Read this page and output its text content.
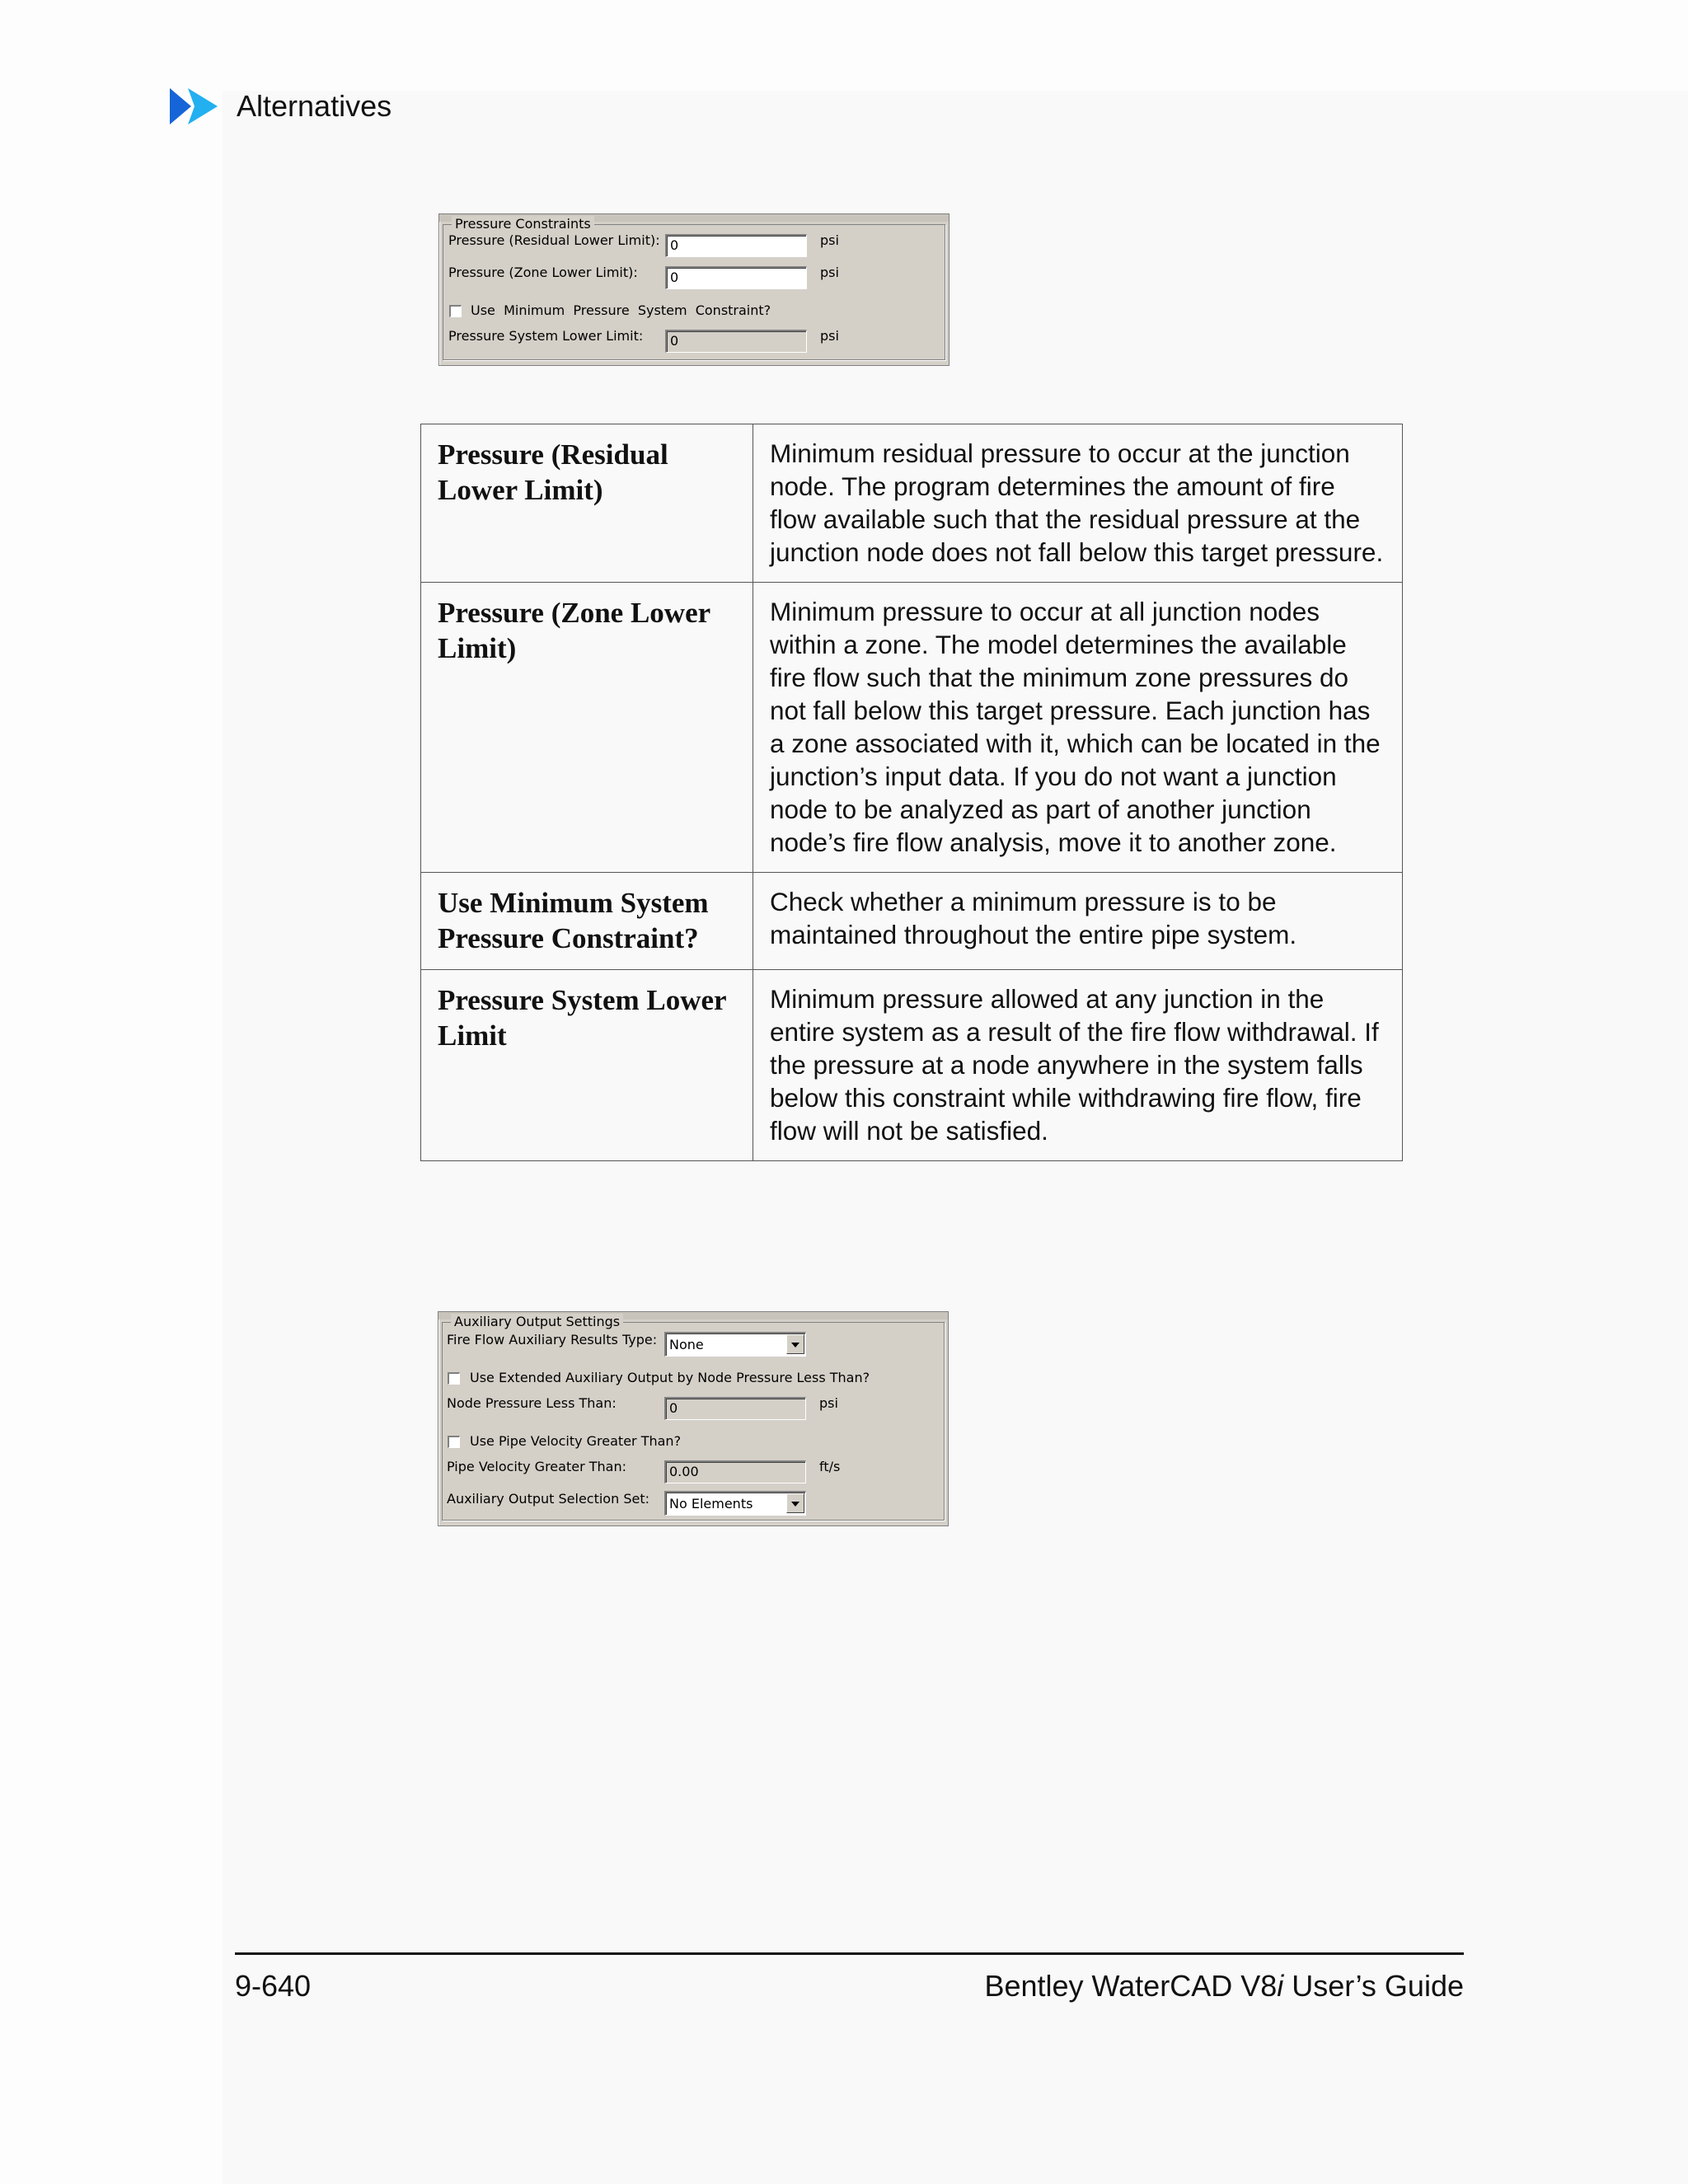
Alternatives
Pressure Constraints
Pressure (Residual Lower Limit): 0	psi
Pressure (Zone Lower Limit):	0	psi
Use  Minimum  Pressure  System  Constraint?
Pressure System Lower Limit:	0	psi
Pressure (Residual Lower Limit)	Minimum residual pressure to occur at the junction node. The program determines the amount of fire flow available such that the residual pressure at the junction node does not fall below this target pressure.
Pressure (Zone Lower Limit)	Minimum pressure to occur at all junction nodes within a zone. The model determines the available fire flow such that the minimum zone pressures do not fall below this target pressure. Each junction has a zone associated with it, which can be located in the junction’s input data. If you do not want a junction node to be analyzed as part of another junction node’s fire flow analysis, move it to another zone.
Use Minimum System Pressure Constraint?	Check whether a minimum pressure is to be maintained throughout the entire pipe system.
Pressure System Lower Limit	Minimum pressure allowed at any junction in the entire system as a result of the fire flow withdrawal. If the pressure at a node anywhere in the system falls below this constraint while withdrawing fire flow, fire flow will not be satisfied.
Auxiliary Output Settings
Fire Flow Auxiliary Results Type: None
Use Extended Auxiliary Output by Node Pressure Less Than?
Node Pressure Less Than:	0	psi
Use Pipe Velocity Greater Than?
Pipe Velocity Greater Than:	0.00	ft/s
Auxiliary Output Selection Set: No Elements
9-640	Bentley WaterCAD V8i User’s Guide
